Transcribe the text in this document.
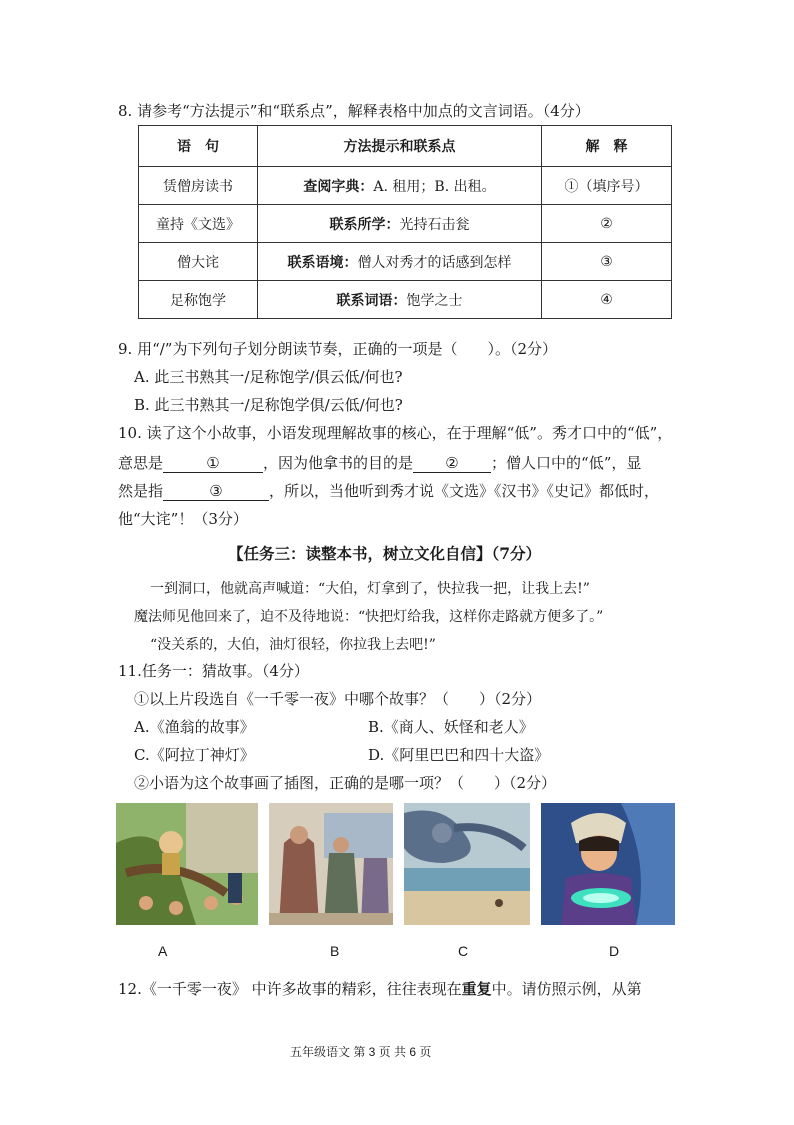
8. 请参考“方法提示”和“联系点”，解释表格中加点的文言词语。（4分）
语　句	方法提示和联系点	解　释
赁僧房读书	查阅字典：A. 租用；B. 出租。	①（填序号）
童持《文选》	联系所学：光持石击瓮	②
僧大诧	联系语境：僧人对秀才的话感到怎样	③
足称饱学	联系词语：饱学之士	④
9. 用“/”为下列句子划分朗读节奏，正确的一项是（　　）。（2分）
A. 此三书熟其一/足称饱学/俱云低/何也?
B. 此三书熟其一/足称饱学俱/云低/何也?
10. 读了这个小故事，小语发现理解故事的核心，在于理解“低”。秀才口中的“低”，
意思是	①	，因为他拿书的目的是 ② ；僧人口中的“低”，显
然是指	③	，所以，当他听到秀才说《文选》《汉书》《史记》都低时，
他“大诧”！（3分）
【任务三：读整本书，树立文化自信】（7分）
一到洞口，他就高声喊道：“大伯，灯拿到了，快拉我一把，让我上去!”
魔法师见他回来了，迫不及待地说：“快把灯给我，这样你走路就方便多了。”
“没关系的，大伯，油灯很轻，你拉我上去吧!”
11.任务一：猜故事。（4分）
①以上片段选自《一千零一夜》中哪个故事？（　　）（2分）
A.《渔翁的故事》	B.《商人、妖怪和老人》
C.《阿拉丁神灯》	D.《阿里巴巴和四十大盗》
②小语为这个故事画了插图，正确的是哪一项？（　　）（2分）
A	B	C	D
12.《一千零一夜》 中许多故事的精彩，往往表现在重复中。请仿照示例，从第
五年级语文 第 3 页 共 6 页
